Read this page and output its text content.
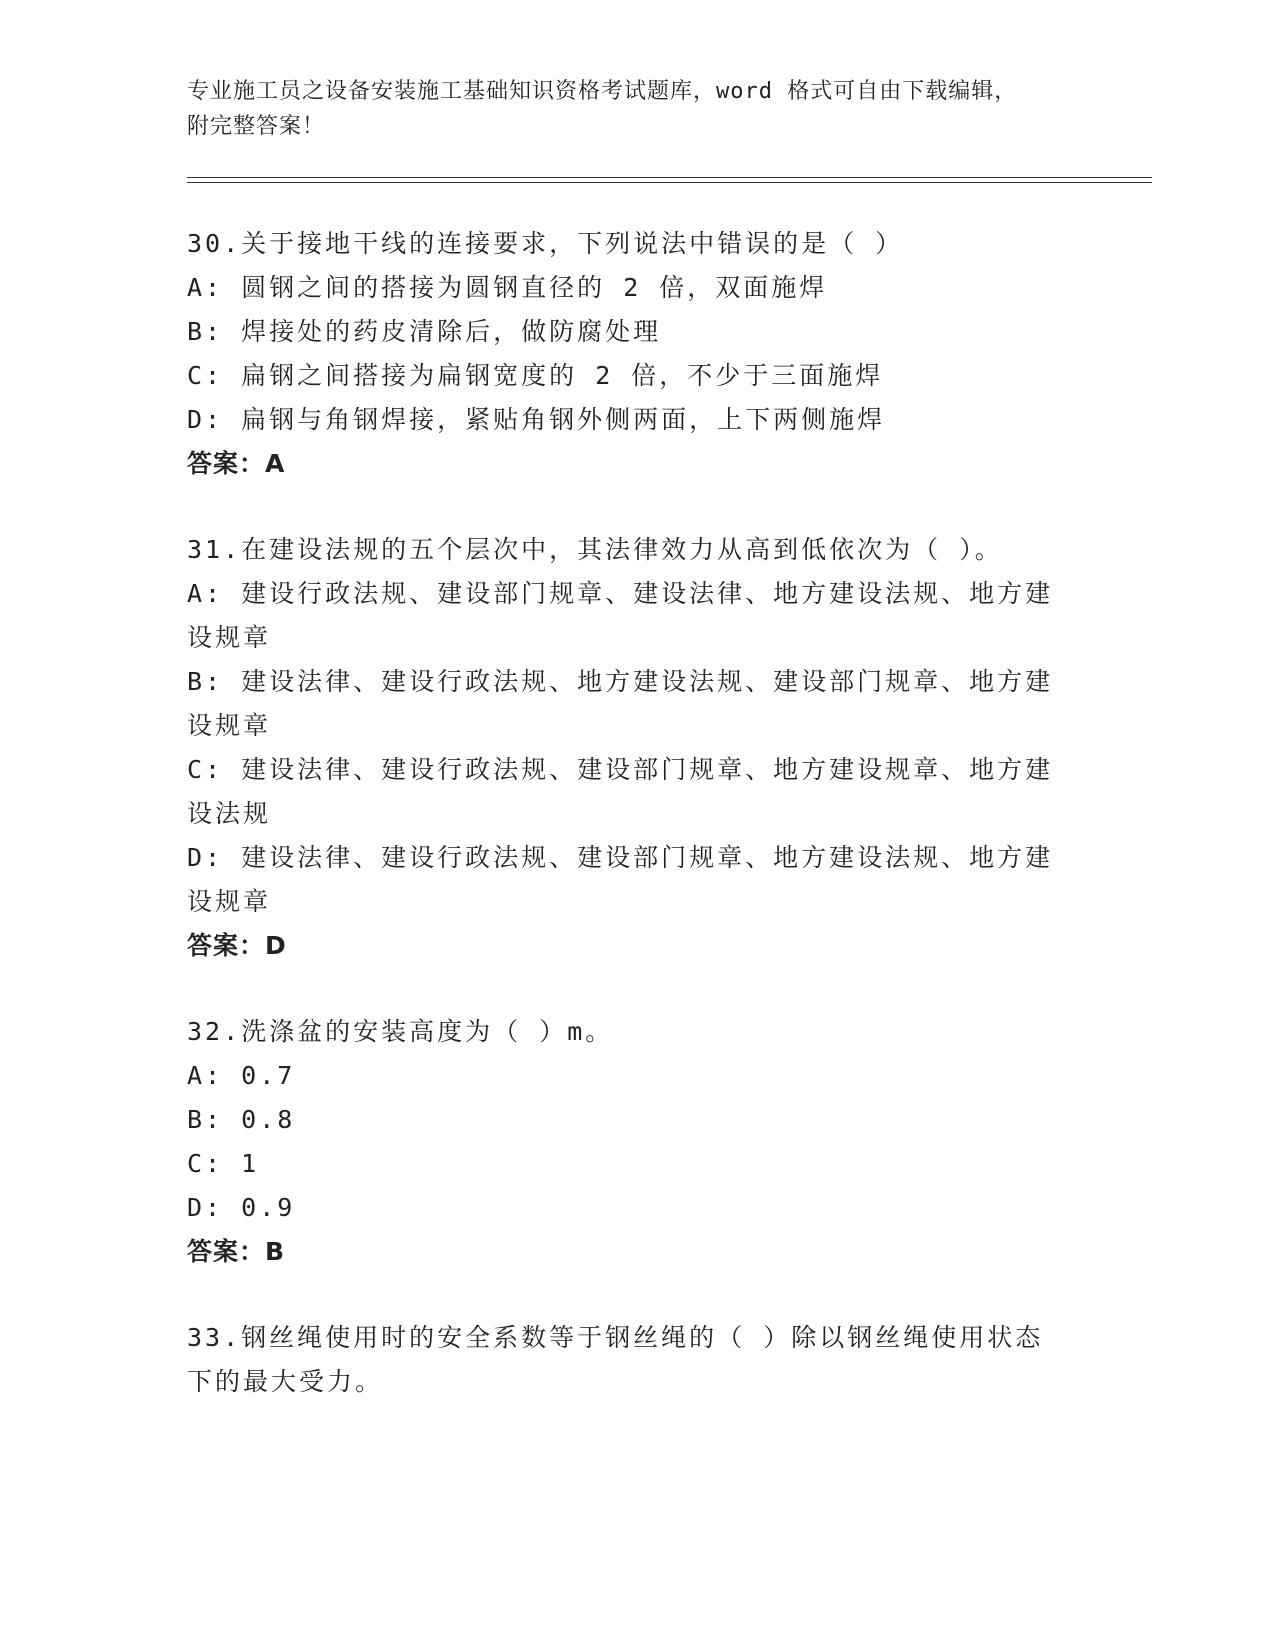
专业施工员之设备安装施工基础知识资格考试题库，word 格式可自由下载编辑，
附完整答案！
30.关于接地干线的连接要求，下列说法中错误的是（ ）
A: 圆钢之间的搭接为圆钢直径的 2 倍，双面施焊
B: 焊接处的药皮清除后，做防腐处理
C: 扁钢之间搭接为扁钢宽度的 2 倍，不少于三面施焊
D: 扁钢与角钢焊接，紧贴角钢外侧两面，上下两侧施焊
答案：A
31.在建设法规的五个层次中，其法律效力从高到低依次为（ ）。
A: 建设行政法规、建设部门规章、建设法律、地方建设法规、地方建
设规章
B: 建设法律、建设行政法规、地方建设法规、建设部门规章、地方建
设规章
C: 建设法律、建设行政法规、建设部门规章、地方建设规章、地方建
设法规
D: 建设法律、建设行政法规、建设部门规章、地方建设法规、地方建
设规章
答案：D
32.洗涤盆的安装高度为（ ）m。
A: 0.7
B: 0.8
C: 1
D: 0.9
答案：B
33.钢丝绳使用时的安全系数等于钢丝绳的（ ）除以钢丝绳使用状态
下的最大受力。
